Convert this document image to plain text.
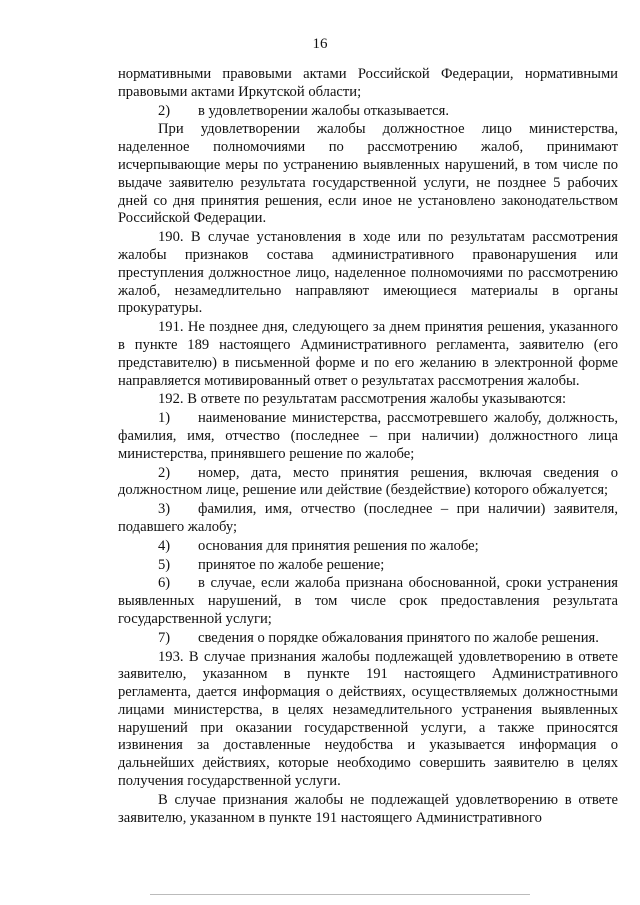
16

нормативными правовыми актами Российской Федерации, нормативными правовыми актами Иркутской области;

2) в удовлетворении жалобы отказывается.

При удовлетворении жалобы должностное лицо министерства, наделенное полномочиями по рассмотрению жалоб, принимают исчерпывающие меры по устранению выявленных нарушений, в том числе по выдаче заявителю результата государственной услуги, не позднее 5 рабочих дней со дня принятия решения, если иное не установлено законодательством Российской Федерации.

190. В случае установления в ходе или по результатам рассмотрения жалобы признаков состава административного правонарушения или преступления должностное лицо, наделенное полномочиями по рассмотрению жалоб, незамедлительно направляют имеющиеся материалы в органы прокуратуры.

191. Не позднее дня, следующего за днем принятия решения, указанного в пункте 189 настоящего Административного регламента, заявителю (его представителю) в письменной форме и по его желанию в электронной форме направляется мотивированный ответ о результатах рассмотрения жалобы.

192. В ответе по результатам рассмотрения жалобы указываются:

1) наименование министерства, рассмотревшего жалобу, должность, фамилия, имя, отчество (последнее – при наличии) должностного лица министерства, принявшего решение по жалобе;

2) номер, дата, место принятия решения, включая сведения о должностном лице, решение или действие (бездействие) которого обжалуется;

3) фамилия, имя, отчество (последнее – при наличии) заявителя, подавшего жалобу;

4) основания для принятия решения по жалобе;

5) принятое по жалобе решение;

6) в случае, если жалоба признана обоснованной, сроки устранения выявленных нарушений, в том числе срок предоставления результата государственной услуги;

7) сведения о порядке обжалования принятого по жалобе решения.

193. В случае признания жалобы подлежащей удовлетворению в ответе заявителю, указанном в пункте 191 настоящего Административного регламента, дается информация о действиях, осуществляемых должностными лицами министерства, в целях незамедлительного устранения выявленных нарушений при оказании государственной услуги, а также приносятся извинения за доставленные неудобства и указывается информация о дальнейших действиях, которые необходимо совершить заявителю в целях получения государственной услуги.

В случае признания жалобы не подлежащей удовлетворению в ответе заявителю, указанном в пункте 191 настоящего Административного
